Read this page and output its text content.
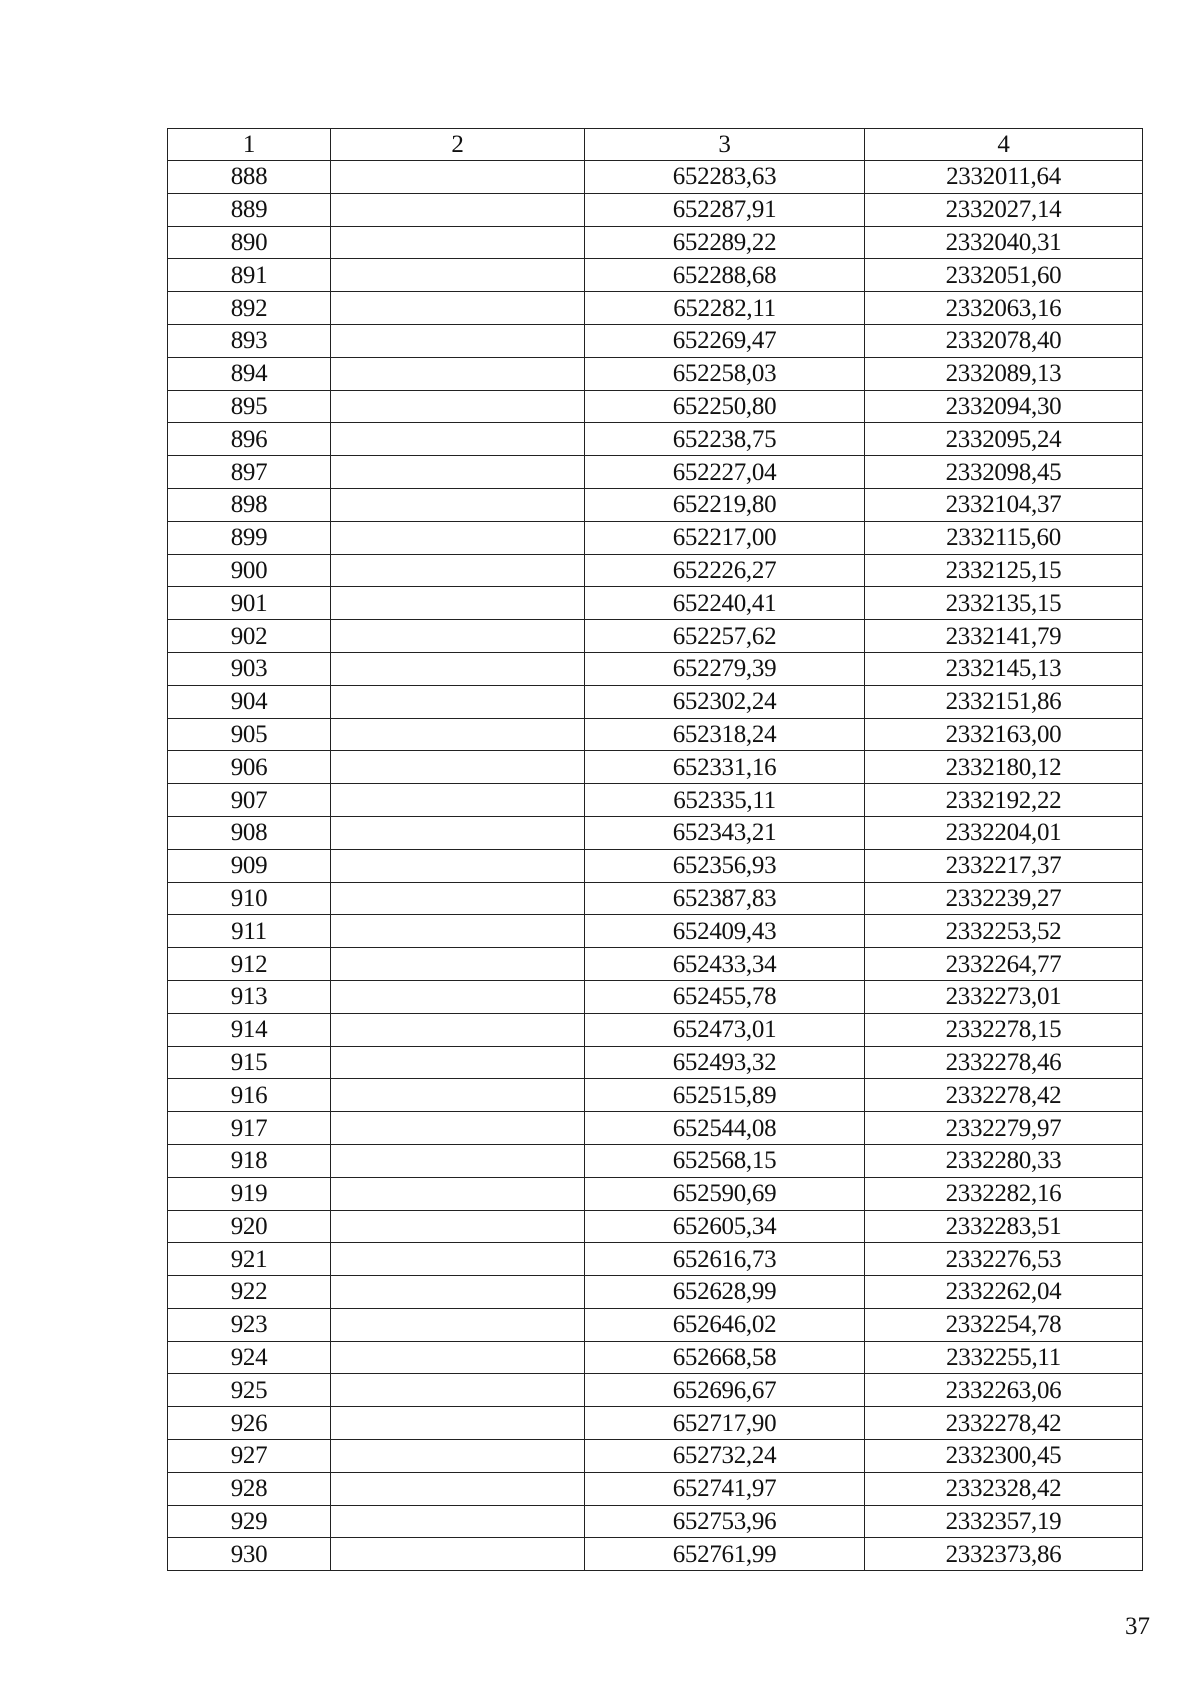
1	2	3	4
888		652283,63	2332011,64
889		652287,91	2332027,14
890		652289,22	2332040,31
891		652288,68	2332051,60
892		652282,11	2332063,16
893		652269,47	2332078,40
894		652258,03	2332089,13
895		652250,80	2332094,30
896		652238,75	2332095,24
897		652227,04	2332098,45
898		652219,80	2332104,37
899		652217,00	2332115,60
900		652226,27	2332125,15
901		652240,41	2332135,15
902		652257,62	2332141,79
903		652279,39	2332145,13
904		652302,24	2332151,86
905		652318,24	2332163,00
906		652331,16	2332180,12
907		652335,11	2332192,22
908		652343,21	2332204,01
909		652356,93	2332217,37
910		652387,83	2332239,27
911		652409,43	2332253,52
912		652433,34	2332264,77
913		652455,78	2332273,01
914		652473,01	2332278,15
915		652493,32	2332278,46
916		652515,89	2332278,42
917		652544,08	2332279,97
918		652568,15	2332280,33
919		652590,69	2332282,16
920		652605,34	2332283,51
921		652616,73	2332276,53
922		652628,99	2332262,04
923		652646,02	2332254,78
924		652668,58	2332255,11
925		652696,67	2332263,06
926		652717,90	2332278,42
927		652732,24	2332300,45
928		652741,97	2332328,42
929		652753,96	2332357,19
930		652761,99	2332373,86
37
